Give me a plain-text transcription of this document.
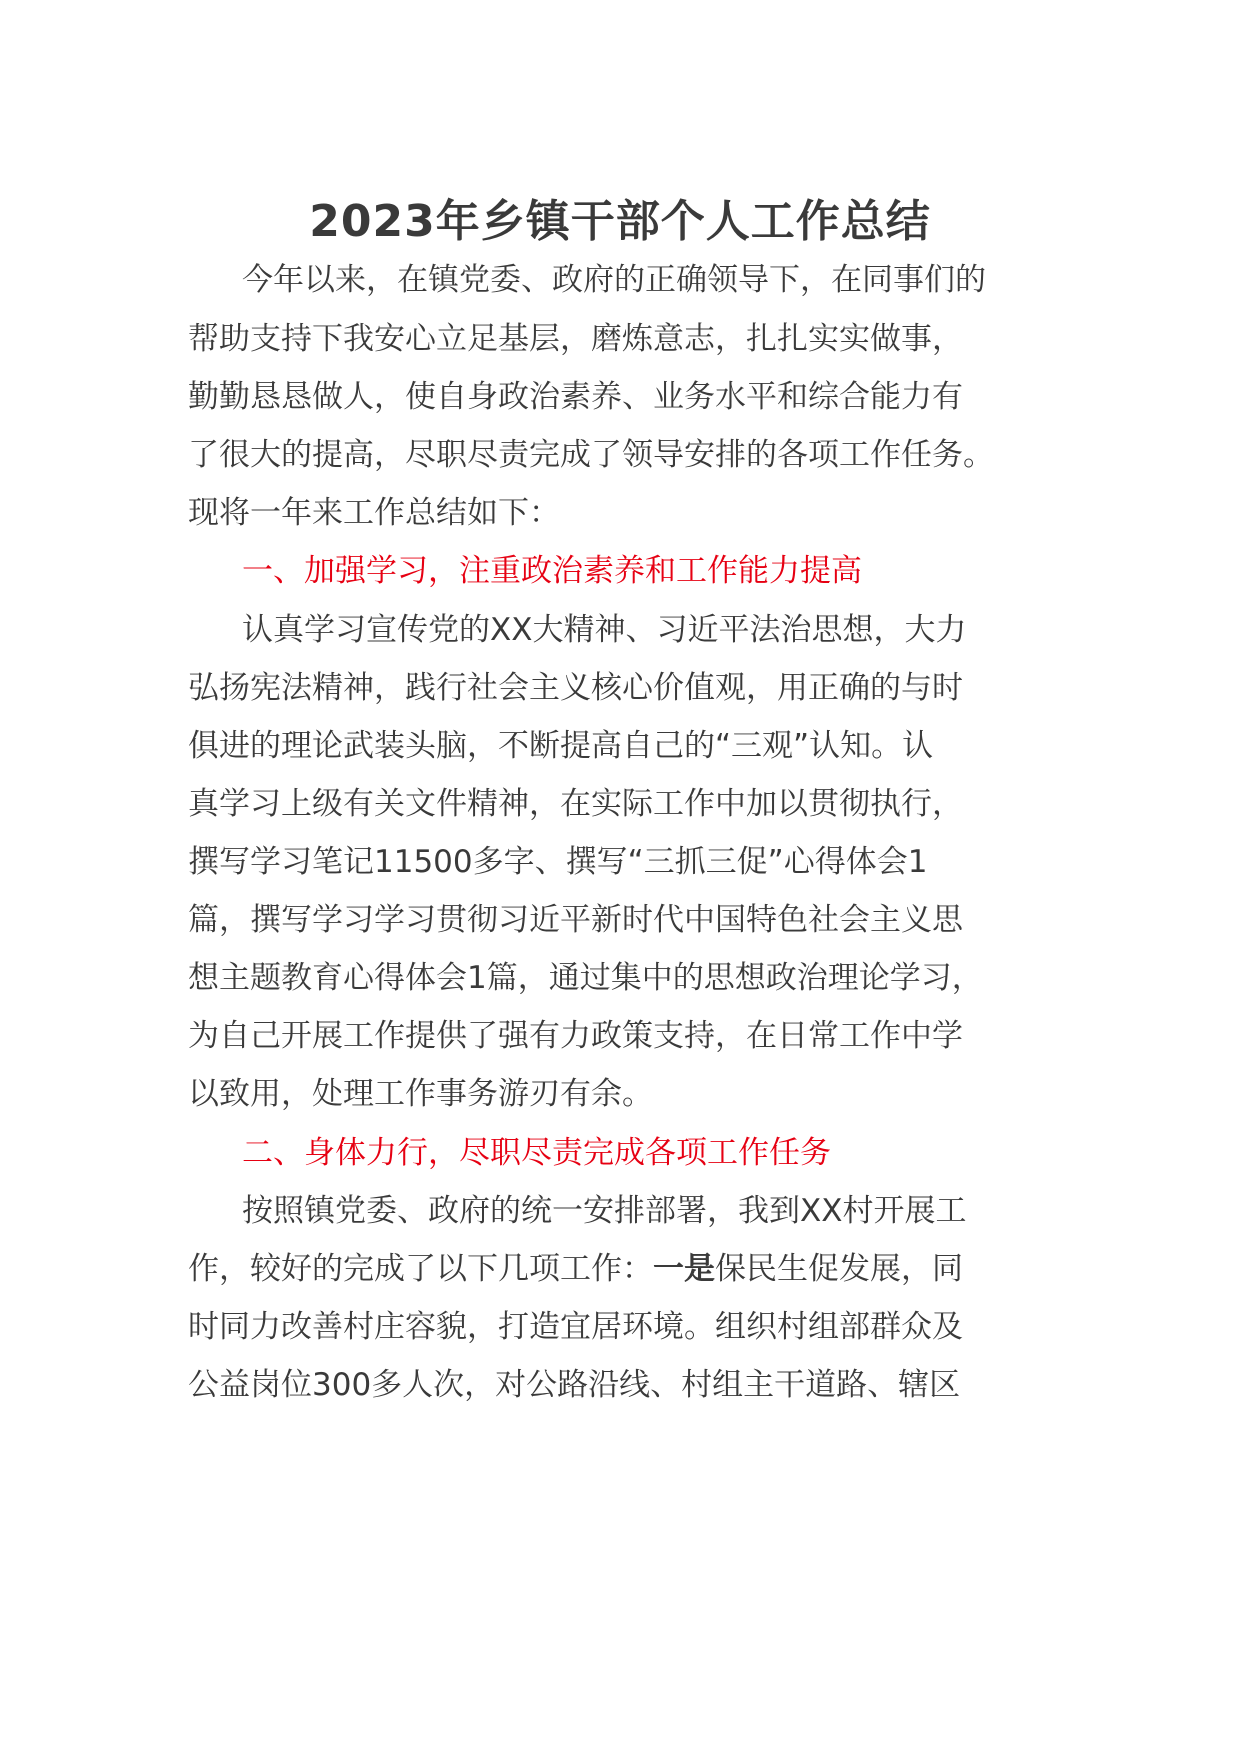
2023年乡镇干部个人工作总结
今年以来，在镇党委、政府的正确领导下，在同事们的
帮助支持下我安心立足基层，磨炼意志，扎扎实实做事，
勤勤恳恳做人，使自身政治素养、业务水平和综合能力有
了很大的提高，尽职尽责完成了领导安排的各项工作任务。
现将一年来工作总结如下：
一、加强学习，注重政治素养和工作能力提高
认真学习宣传党的XX大精神、习近平法治思想，大力
弘扬宪法精神，践行社会主义核心价值观，用正确的与时
俱进的理论武装头脑，不断提高自己的“三观”认知。认
真学习上级有关文件精神，在实际工作中加以贯彻执行，
撰写学习笔记11500多字、撰写“三抓三促”心得体会1
篇，撰写学习学习贯彻习近平新时代中国特色社会主义思
想主题教育心得体会1篇，通过集中的思想政治理论学习，
为自己开展工作提供了强有力政策支持，在日常工作中学
以致用，处理工作事务游刃有余。
二、身体力行，尽职尽责完成各项工作任务
按照镇党委、政府的统一安排部署，我到XX村开展工
作，较好的完成了以下几项工作：一是保民生促发展，同
时同力改善村庄容貌，打造宜居环境。组织村组部群众及
公益岗位300多人次，对公路沿线、村组主干道路、辖区
